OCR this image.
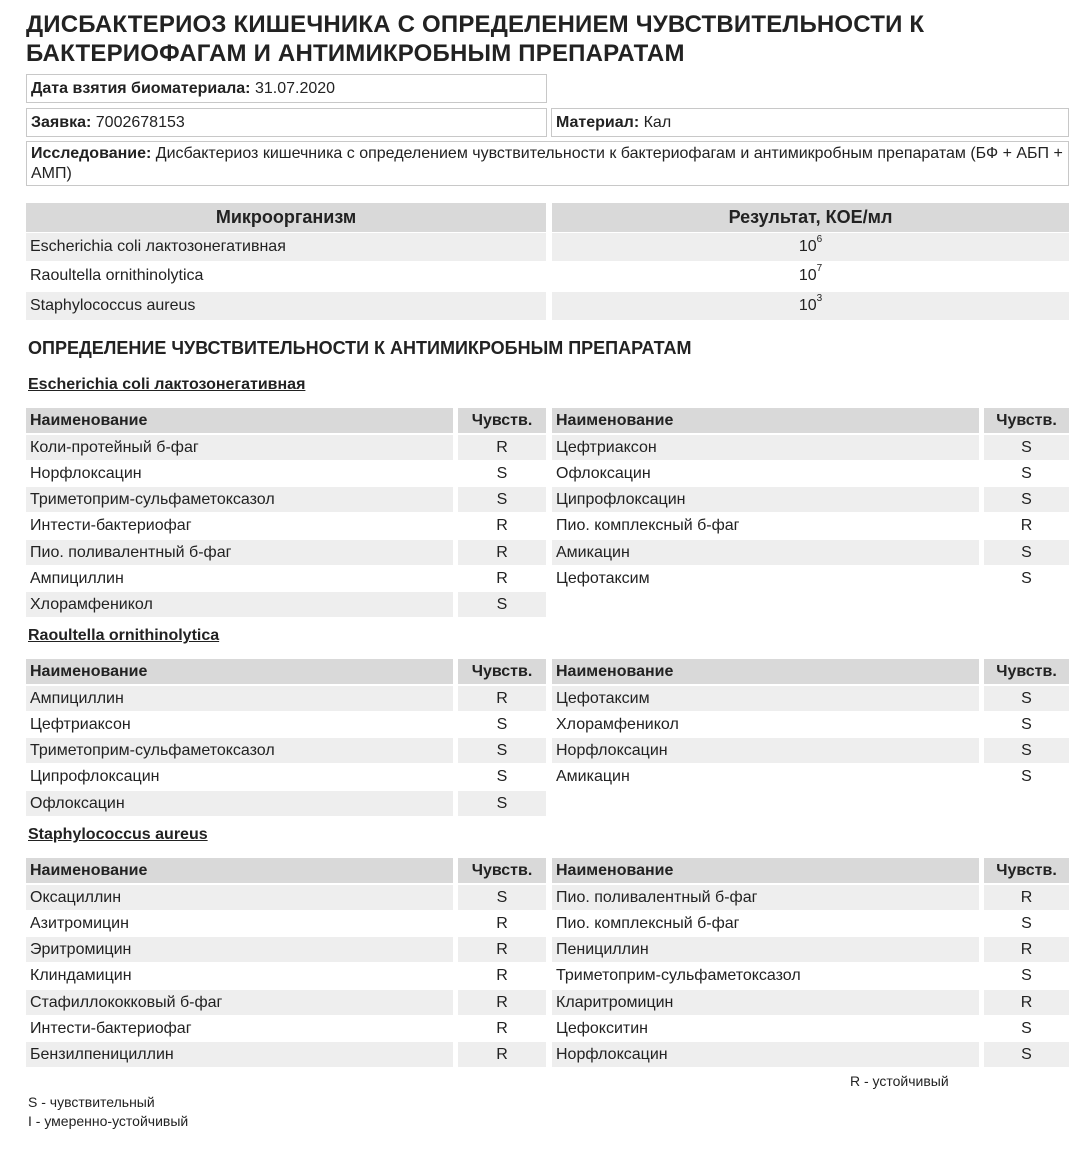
ДИСБАКТЕРИОЗ КИШЕЧНИКА С ОПРЕДЕЛЕНИЕМ ЧУВСТВИТЕЛЬНОСТИ К
БАКТЕРИОФАГАМ И АНТИМИКРОБНЫМ ПРЕПАРАТАМ
Дата взятия биоматериала: 31.07.2020
Заявка: 7002678153	Материал: Кал
Исследование: Дисбактериоз кишечника с определением чувствительности к бактериофагам и антимикробным препаратам (БФ + АБП + АМП)
Микроорганизм	Результат, КОЕ/мл
Escherichia coli лактозонегативная	$10^6$
Raoultella ornithinolytica	$10^7$
Staphylococcus aureus	$10^3$
ОПРЕДЕЛЕНИЕ ЧУВСТВИТЕЛЬНОСТИ К АНТИМИКРОБНЫМ ПРЕПАРАТАМ
Escherichia coli лактозонегативная
Наименование	Чувств.
Коли-протейный б-фаг	R
Норфлоксацин	S
Триметоприм-сульфаметоксазол	S
Интести-бактериофаг	R
Пио. поливалентный б-фаг	R
Ампициллин	R
Хлорамфеникол	S
Наименование	Чувств.
Цефтриаксон	S
Офлоксацин	S
Ципрофлоксацин	S
Пио. комплексный б-фаг	R
Амикацин	S
Цефотаксим	S
Raoultella ornithinolytica
Наименование	Чувств.
Ампициллин	R
Цефтриаксон	S
Триметоприм-сульфаметоксазол	S
Ципрофлоксацин	S
Офлоксацин	S
Наименование	Чувств.
Цефотаксим	S
Хлорамфеникол	S
Норфлоксацин	S
Амикацин	S
Staphylococcus aureus
Наименование	Чувств.
Оксациллин	S
Азитромицин	R
Эритромицин	R
Клиндамицин	R
Стафиллококковый б-фаг	R
Интести-бактериофаг	R
Бензилпенициллин	R
Наименование	Чувств.
Пио. поливалентный б-фаг	R
Пио. комплексный б-фаг	S
Пенициллин	R
Триметоприм-сульфаметоксазол	S
Кларитромицин	R
Цефокситин	S
Норфлоксацин	S
R - устойчивый
S - чувствительный
I - умеренно-устойчивый
